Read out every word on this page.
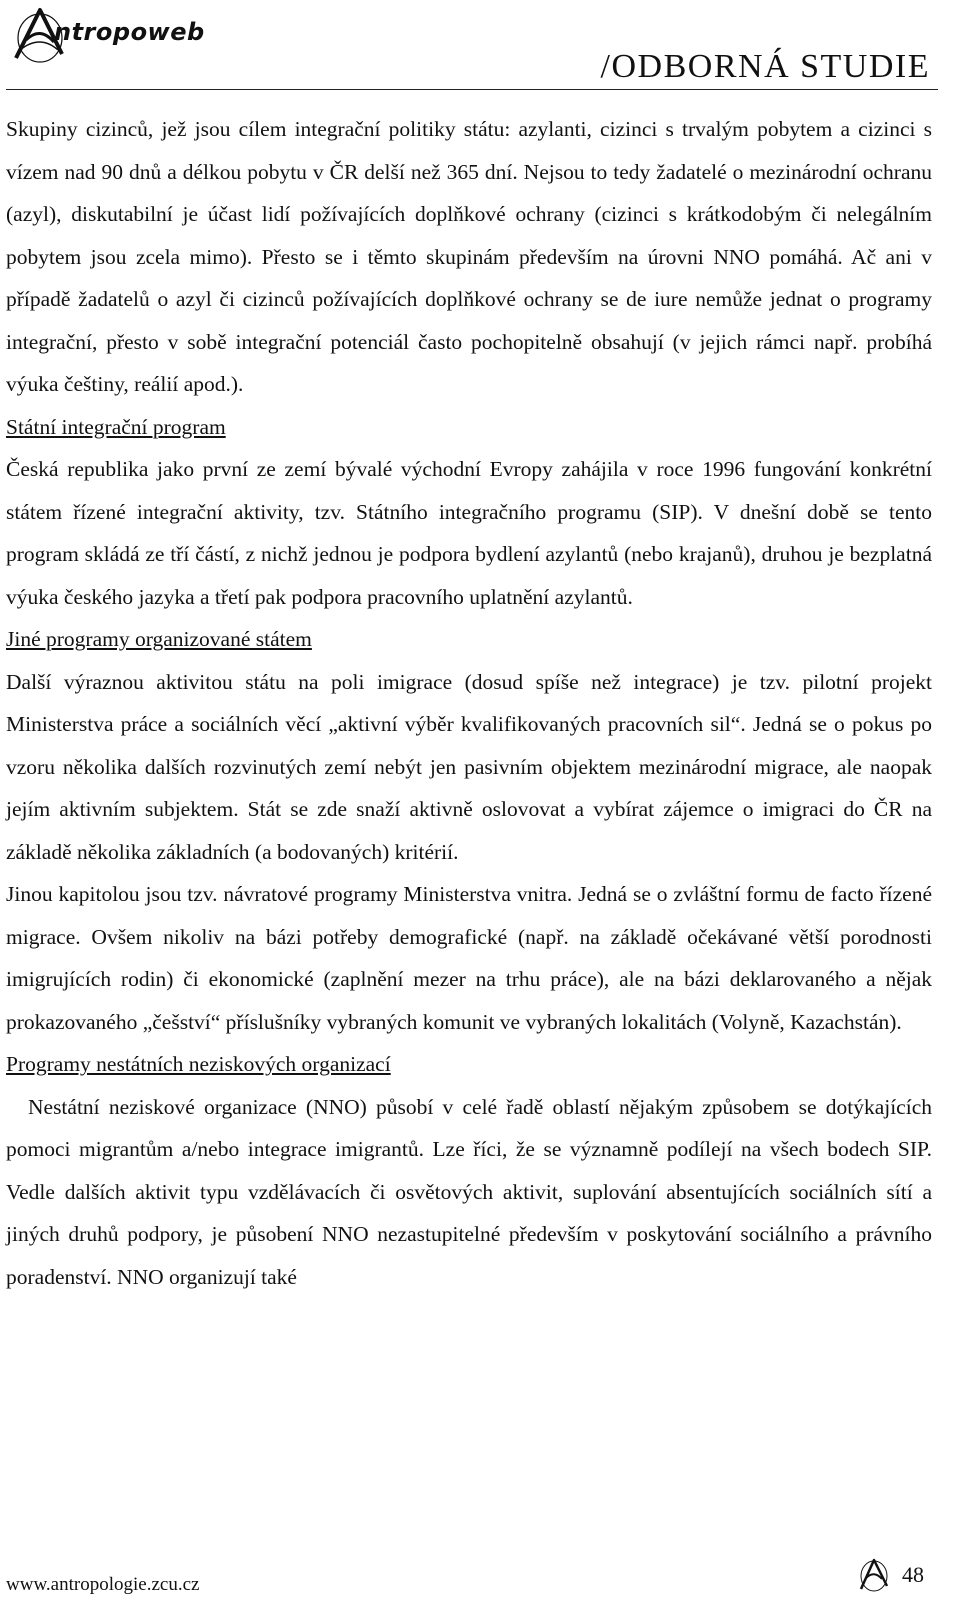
ntropoweb
/ODBORNÁ STUDIE

Skupiny cizinců, jež jsou cílem integrační politiky státu: azylanti, cizinci s trvalým pobytem a cizinci s vízem nad 90 dnů a délkou pobytu v ČR delší než 365 dní. Nejsou to tedy žadatelé o mezinárodní ochranu (azyl), diskutabilní je účast lidí požívajících doplňkové ochrany (cizinci s krátkodobým či nelegálním pobytem jsou zcela mimo). Přesto se i těmto skupinám především na úrovni NNO pomáhá. Ač ani v případě žadatelů o azyl či cizinců požívajících doplňkové ochrany se de iure nemůže jednat o programy integrační, přesto v sobě integrační potenciál často pochopitelně obsahují (v jejich rámci např. probíhá výuka češtiny, reálií apod.).

Státní integrační program

Česká republika jako první ze zemí bývalé východní Evropy zahájila v roce 1996 fungování konkrétní státem řízené integrační aktivity, tzv. Státního integračního programu (SIP). V dnešní době se tento program skládá ze tří částí, z nichž jednou je podpora bydlení azylantů (nebo krajanů), druhou je bezplatná výuka českého jazyka a třetí pak podpora pracovního uplatnění azylantů.

Jiné programy organizované státem

Další výraznou aktivitou státu na poli imigrace (dosud spíše než integrace) je tzv. pilotní projekt Ministerstva práce a sociálních věcí „aktivní výběr kvalifikovaných pracovních sil“. Jedná se o pokus po vzoru několika dalších rozvinutých zemí nebýt jen pasivním objektem mezinárodní migrace, ale naopak jejím aktivním subjektem. Stát se zde snaží aktivně oslovovat a vybírat zájemce o imigraci do ČR na základě několika základních (a bodovaných) kritérií.

Jinou kapitolou jsou tzv. návratové programy Ministerstva vnitra. Jedná se o zvláštní formu de facto řízené migrace. Ovšem nikoliv na bázi potřeby demografické (např. na základě očekávané větší porodnosti imigrujících rodin) či ekonomické (zaplnění mezer na trhu práce), ale na bázi deklarovaného a nějak prokazovaného „češství“ příslušníky vybraných komunit ve vybraných lokalitách (Volyně, Kazachstán).

Programy nestátních neziskových organizací

Nestátní neziskové organizace (NNO) působí v celé řadě oblastí nějakým způsobem se dotýkajících pomoci migrantům a/nebo integrace imigrantů. Lze říci, že se významně podílejí na všech bodech SIP. Vedle dalších aktivit typu vzdělávacích či osvětových aktivit, suplování absentujících sociálních sítí a jiných druhů podpory, je působení NNO nezastupitelné především v poskytování sociálního a právního poradenství. NNO organizují také

www.antropologie.zcu.cz	48
